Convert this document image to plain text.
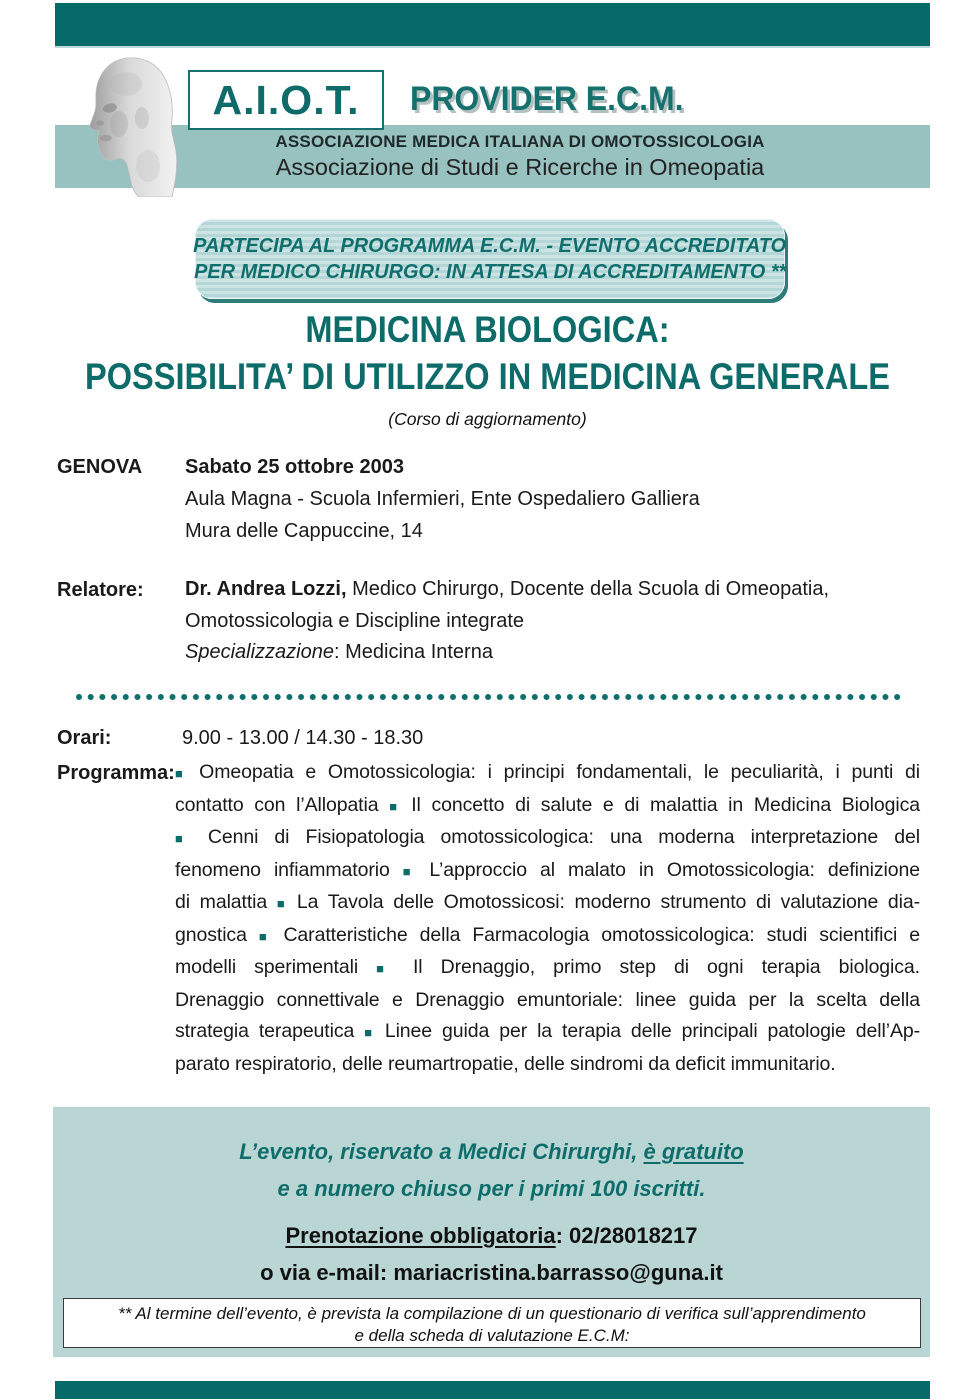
A.I.O.T. PROVIDER E.C.M.
ASSOCIAZIONE MEDICA ITALIANA DI OMOTOSSICOLOGIA
Associazione di Studi e Ricerche in Omeopatia
PARTECIPA AL PROGRAMMA E.C.M. - EVENTO ACCREDITATO
PER MEDICO CHIRURGO: IN ATTESA DI ACCREDITAMENTO **
MEDICINA BIOLOGICA:
POSSIBILITA’ DI UTILIZZO IN MEDICINA GENERALE
(Corso di aggiornamento)
GENOVA Sabato 25 ottobre 2003
Aula Magna - Scuola Infermieri, Ente Ospedaliero Galliera
Mura delle Cappuccine, 14
Relatore: Dr. Andrea Lozzi, Medico Chirurgo, Docente della Scuola di Omeopatia,
Omotossicologia e Discipline integrate
Specializzazione: Medicina Interna
Orari:	9.00 - 13.00 / 14.30 - 18.30
Programma: ■ Omeopatia e Omotossicologia: i principi fondamentali, le peculiarità, i punti di
contatto con l’Allopatia ■ Il concetto di salute e di malattia in Medicina Biologica
■ Cenni di Fisiopatologia omotossicologica: una moderna interpretazione del
fenomeno infiammatorio ■ L’approccio al malato in Omotossicologia: definizione
di malattia ■ La Tavola delle Omotossicosi: moderno strumento di valutazione dia-
gnostica ■ Caratteristiche della Farmacologia omotossicologica: studi scientifici e
modelli sperimentali ■ Il Drenaggio, primo step di ogni terapia biologica.
Drenaggio connettivale e Drenaggio emuntoriale: linee guida per la scelta della
strategia terapeutica ■ Linee guida per la terapia delle principali patologie dell’Ap-
parato respiratorio, delle reumartropatie, delle sindromi da deficit immunitario.
L’evento, riservato a Medici Chirurghi, è gratuito
e a numero chiuso per i primi 100 iscritti.
Prenotazione obbligatoria: 02/28018217
o via e-mail: mariacristina.barrasso@guna.it
** Al termine dell’evento, è prevista la compilazione di un questionario di verifica sull’apprendimento
e della scheda di valutazione E.C.M:
